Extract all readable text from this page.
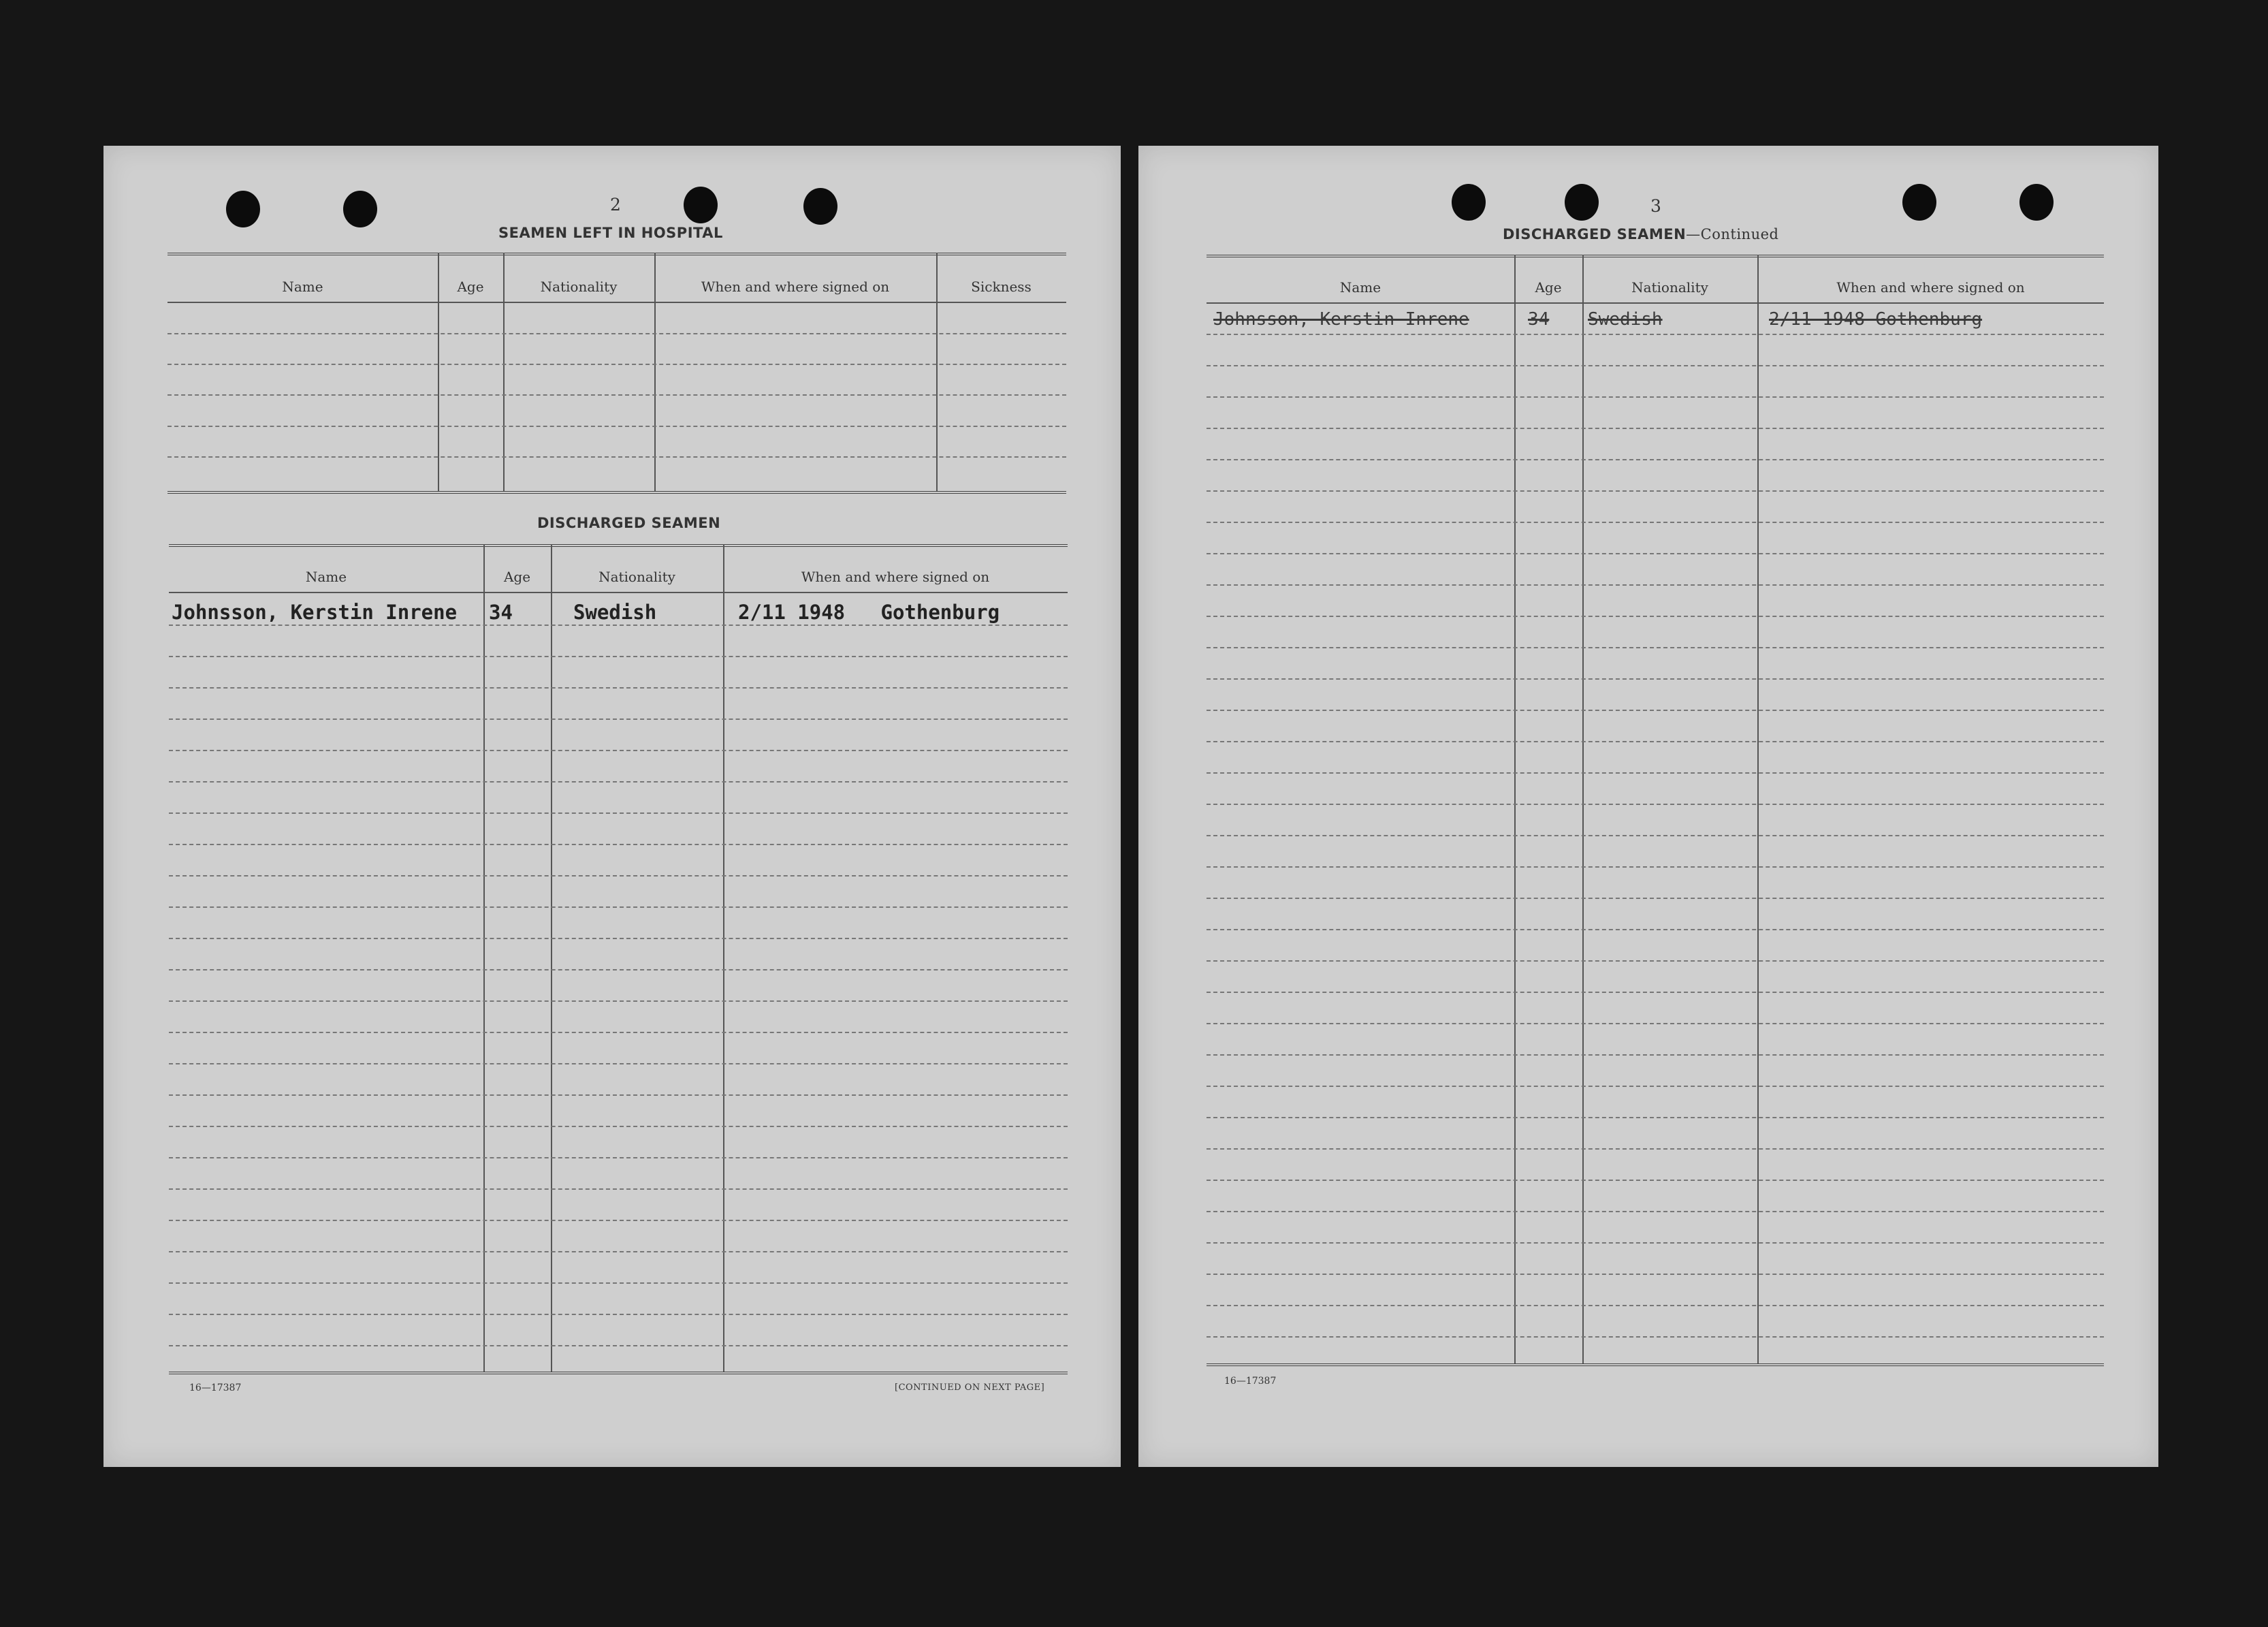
2
SEAMEN LEFT IN HOSPITAL
Name	Age	Nationality	When and where signed on	Sickness
DISCHARGED SEAMEN
Name	Age	Nationality	When and where signed on
Johnsson, Kerstin Inrene	34	Swedish	2/11 1948   Gothenburg
16—17387	[CONTINUED ON NEXT PAGE]
3
DISCHARGED SEAMEN—Continued
Name	Age	Nationality	When and where signed on
Johnsson, Kerstin Inrene	34	Swedish	2/11 1948 Gothenburg
16—17387
